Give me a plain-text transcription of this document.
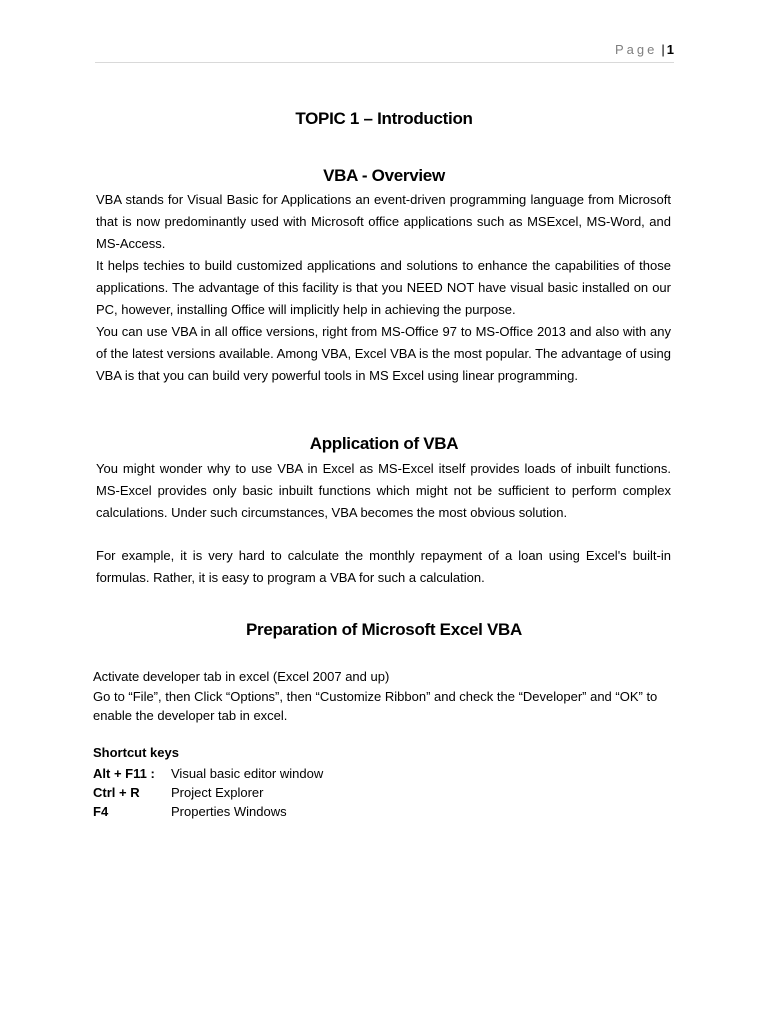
Page | 1
TOPIC 1 – Introduction
VBA - Overview

VBA stands for Visual Basic for Applications an event-driven programming language from Microsoft that is now predominantly used with Microsoft office applications such as MSExcel, MS-Word, and MS-Access.

It helps techies to build customized applications and solutions to enhance the capabilities of those applications. The advantage of this facility is that you NEED NOT have visual basic installed on our PC, however, installing Office will implicitly help in achieving the purpose.

You can use VBA in all office versions, right from MS-Office 97 to MS-Office 2013 and also with any of the latest versions available. Among VBA, Excel VBA is the most popular. The advantage of using VBA is that you can build very powerful tools in MS Excel using linear programming.

Application of VBA

You might wonder why to use VBA in Excel as MS-Excel itself provides loads of inbuilt functions. MS-Excel provides only basic inbuilt functions which might not be sufficient to perform complex calculations. Under such circumstances, VBA becomes the most obvious solution.

For example, it is very hard to calculate the monthly repayment of a loan using Excel's built-in formulas. Rather, it is easy to program a VBA for such a calculation.

Preparation of Microsoft Excel VBA

Activate developer tab in excel (Excel 2007 and up)

Go to “File”, then Click “Options”, then “Customize Ribbon” and check the “Developer” and “OK” to enable the developer tab in excel.

Shortcut keys
Alt + F11 : Visual basic editor window
Ctrl + R Project Explorer
F4	Properties Windows
